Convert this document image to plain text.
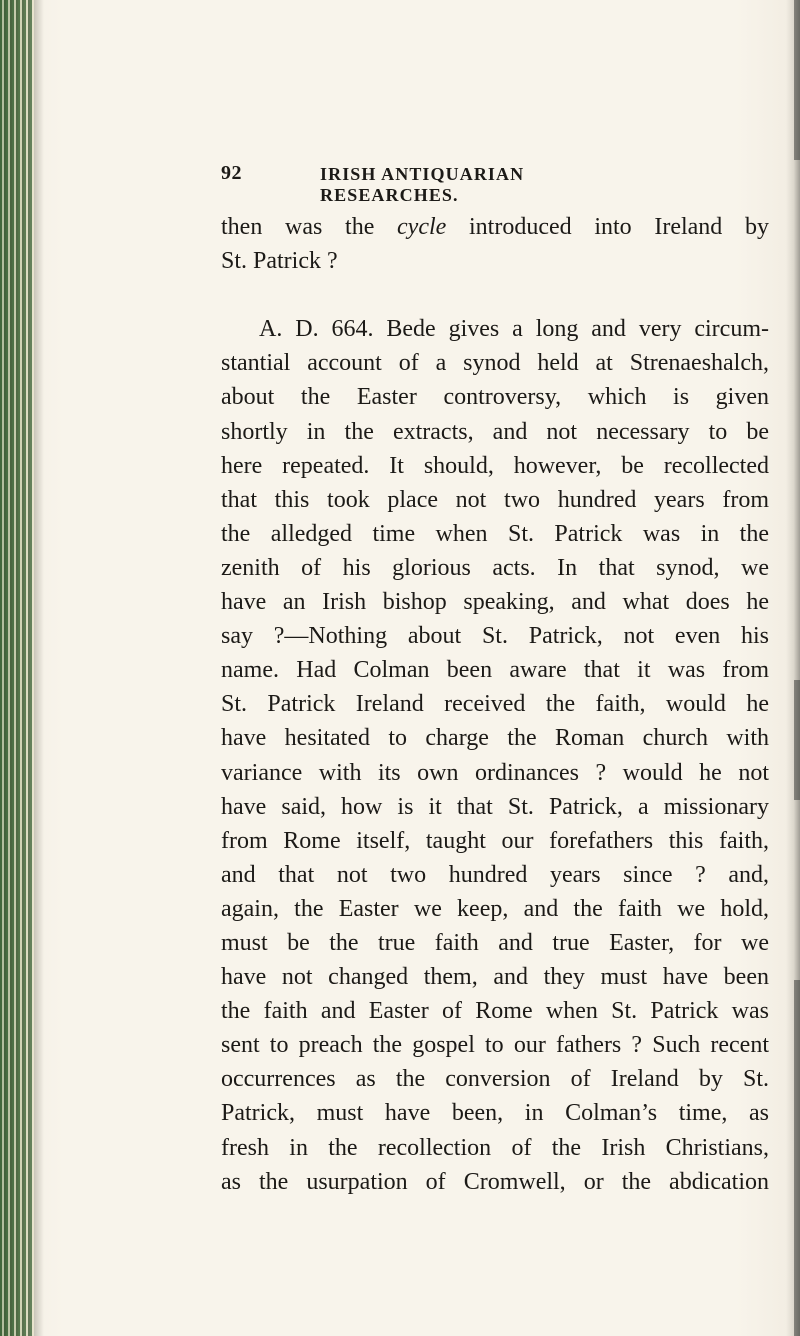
92	IRISH ANTIQUARIAN RESEARCHES.
then was the cycle introduced into Ireland by
St. Patrick ?
A. D. 664. Bede gives a long and very circum-
stantial account of a synod held at Strenaeshalch,
about the Easter controversy, which is given
shortly in the extracts, and not necessary to be
here repeated. It should, however, be recollected
that this took place not two hundred years from
the alledged time when St. Patrick was in the
zenith of his glorious acts. In that synod, we
have an Irish bishop speaking, and what does he
say ?—Nothing about St. Patrick, not even his
name. Had Colman been aware that it was from
St. Patrick Ireland received the faith, would he
have hesitated to charge the Roman church with
variance with its own ordinances ? would he not
have said, how is it that St. Patrick, a missionary
from Rome itself, taught our forefathers this faith,
and that not two hundred years since ? and,
again, the Easter we keep, and the faith we hold,
must be the true faith and true Easter, for we
have not changed them, and they must have been
the faith and Easter of Rome when St. Patrick was
sent to preach the gospel to our fathers ? Such recent
occurrences as the conversion of Ireland by St.
Patrick, must have been, in Colman’s time, as
fresh in the recollection of the Irish Christians,
as the usurpation of Cromwell, or the abdication
